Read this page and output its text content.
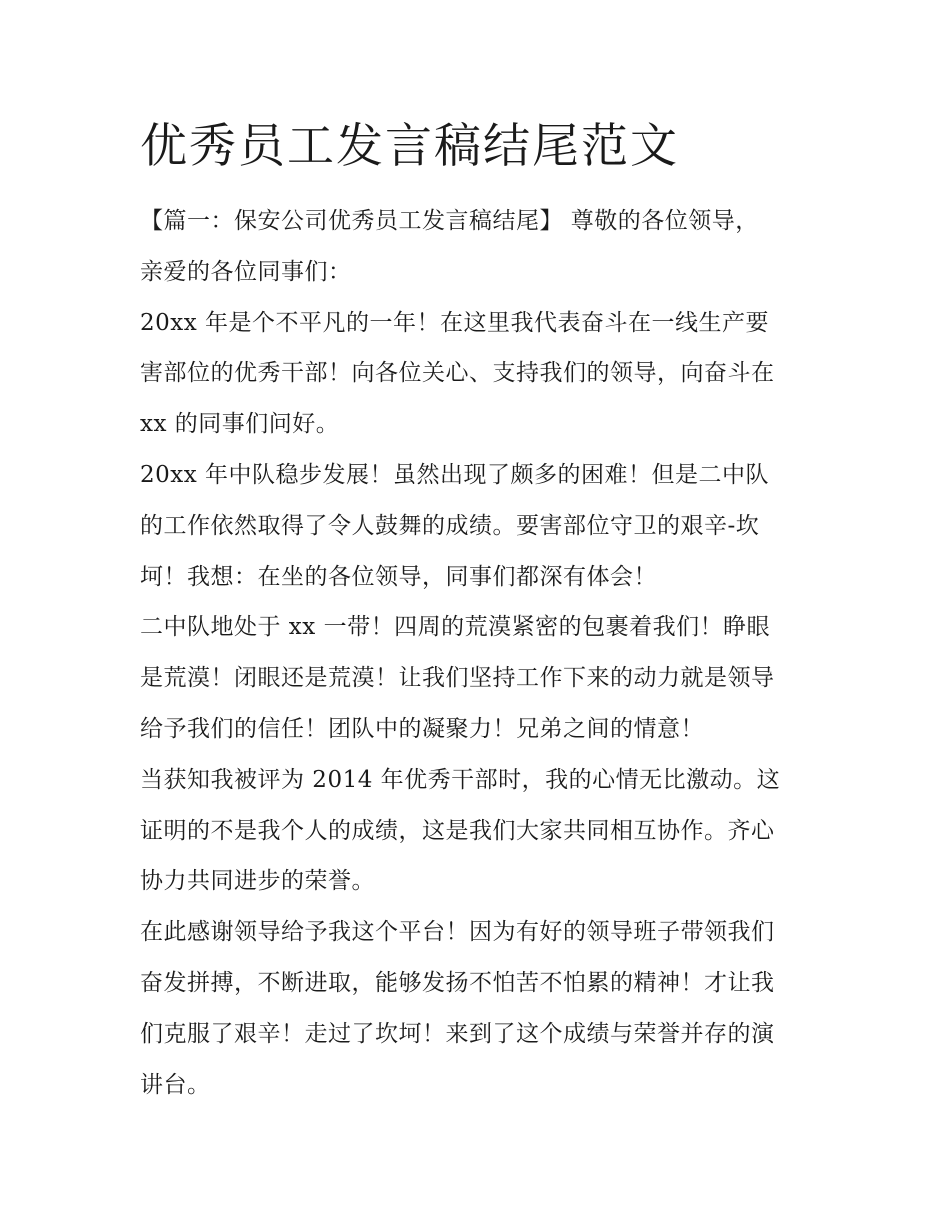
优秀员工发言稿结尾范文
【篇一：保安公司优秀员工发言稿结尾】 尊敬的各位领导，
亲爱的各位同事们：
20xx 年是个不平凡的一年！在这里我代表奋斗在一线生产要
害部位的优秀干部！向各位关心、支持我们的领导，向奋斗在
xx 的同事们问好。
20xx 年中队稳步发展！虽然出现了颇多的困难！但是二中队
的工作依然取得了令人鼓舞的成绩。要害部位守卫的艰辛-坎
坷！我想：在坐的各位领导，同事们都深有体会！
二中队地处于 xx 一带！四周的荒漠紧密的包裹着我们！睁眼
是荒漠！闭眼还是荒漠！让我们坚持工作下来的动力就是领导
给予我们的信任！团队中的凝聚力！兄弟之间的情意！
当获知我被评为 2014 年优秀干部时，我的心情无比激动。这
证明的不是我个人的成绩，这是我们大家共同相互协作。齐心
协力共同进步的荣誉。
在此感谢领导给予我这个平台！因为有好的领导班子带领我们
奋发拼搏，不断进取，能够发扬不怕苦不怕累的精神！才让我
们克服了艰辛！走过了坎坷！来到了这个成绩与荣誉并存的演
讲台。
